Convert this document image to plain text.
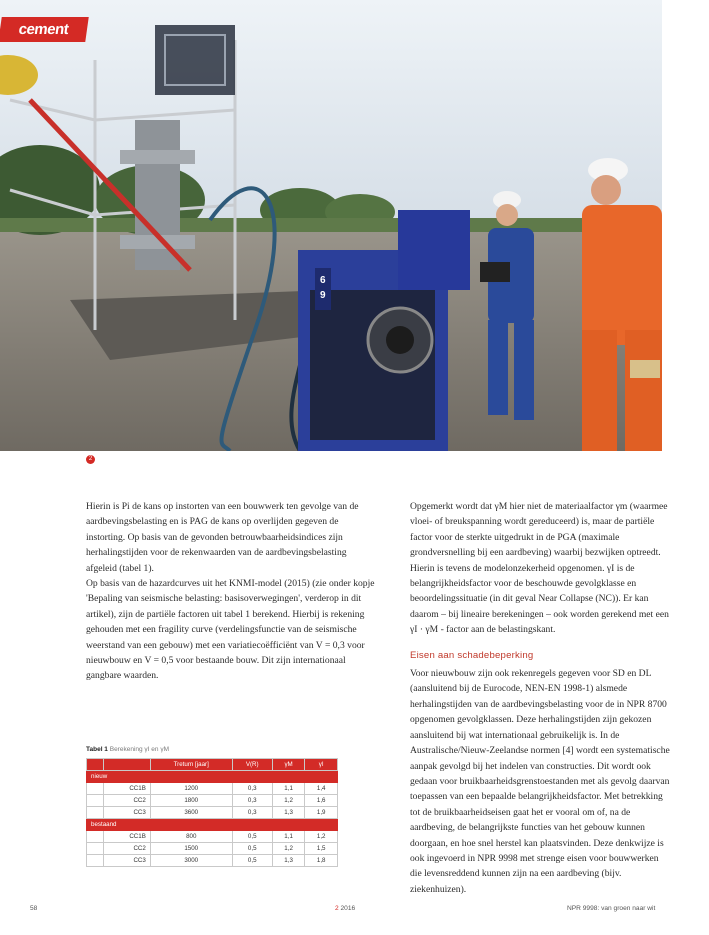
6
9
cement
2

Hierin is Pi de kans op instorten van een bouwwerk ten gevolge van de aardbevingsbelasting en is PAG de kans op overlijden gegeven de instorting. Op basis van de gevonden betrouwbaarheidsindices zijn herhalingstijden voor de rekenwaarden van de aardbevingsbelasting afgeleid (tabel 1).

Op basis van de hazardcurves uit het KNMI-model (2015) (zie onder kopje 'Bepaling van seismische belasting: basisoverwegingen', verderop in dit artikel), zijn de partiële factoren uit tabel 1 berekend. Hierbij is rekening gehouden met een fragility curve (verdelingsfunctie van de seismische weerstand van een gebouw) met een variatiecoëfficiënt van V = 0,3 voor nieuwbouw en V = 0,5 voor bestaande bouw. Dit zijn internationaal gangbare waarden.

Opgemerkt wordt dat γM hier niet de materiaalfactor γm (waarmee vloei- of breukspanning wordt gereduceerd) is, maar de partiële factor voor de sterkte uitgedrukt in de PGA (maximale grondversnelling bij een aardbeving) waarbij bezwijken optreedt. Hierin is tevens de modelonzekerheid opgenomen. γI is de belangrijkheidsfactor voor de beschouwde gevolgklasse en beoordelingssituatie (in dit geval Near Collapse (NC)). Er kan daarom – bij lineaire berekeningen – ook worden gerekend met een γI · γM - factor aan de belastingskant.

Eisen aan schadebeperking

Voor nieuwbouw zijn ook rekenregels gegeven voor SD en DL (aansluitend bij de Eurocode, NEN-EN 1998-1) alsmede herhalingstijden van de aardbevingsbelasting voor de in NPR 8700 opgenomen gevolgklassen. Deze herhalingstijden zijn gekozen aansluitend bij wat internationaal gebruikelijk is. In de Australische/Nieuw-Zeelandse normen [4] wordt een systematische aanpak gevolgd bij het indelen van constructies. Dit wordt ook gedaan voor bruikbaarheidsgrenstoestanden met als gevolg daarvan toepassen van een bepaalde belangrijkheidsfactor. Met betrekking tot de bruikbaarheidseisen gaat het er vooral om of, na de aardbeving, de belangrijkste functies van het gebouw kunnen doorgaan, en hoe snel herstel kan plaatsvinden. Deze denkwijze is ook ingevoerd in NPR 9998 met strenge eisen voor bouwwerken die levensreddend kunnen zijn na een aardbeving (bijv. ziekenhuizen).

Tabel 1 Berekening γI en γM
		Treturn [jaar]	V(R)	γM	γI
nieuw					
	CC1B	1200	0,3	1,1	1,4
	CC2	1800	0,3	1,2	1,6
	CC3	3600	0,3	1,3	1,9
bestaand					
	CC1B	800	0,5	1,1	1,2
	CC2	1500	0,5	1,2	1,5
	CC3	3000	0,5	1,3	1,8
58	2 2016	NPR 9998: van groen naar wit
